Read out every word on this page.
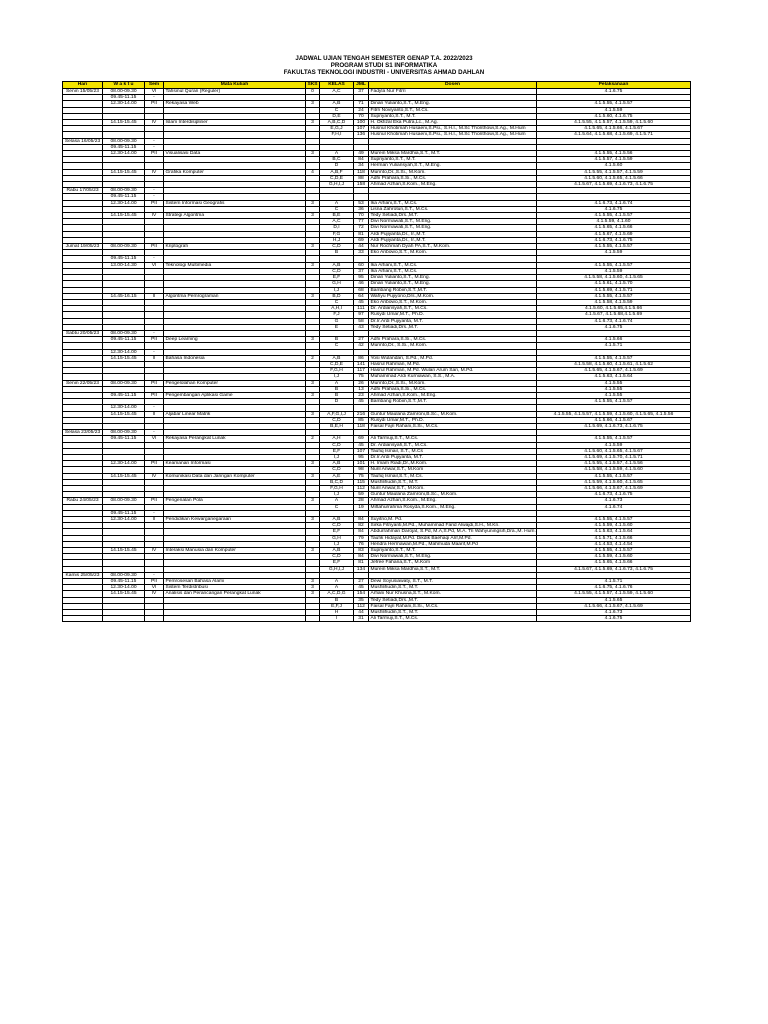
JADWAL UJIAN TENGAH SEMESTER GENAP T.A. 2022/2023
PROGRAM STUDI S1 INFORMATIKA
FAKULTAS TEKNOLOGI INDUSTRI - UNIVERSITAS AHMAD DAHLAN
Hari	W a k t u	Sem	Mata Kuliah	SKS	KELAS	JML	Dosen	Pelaksanaan
Senin 15/05/23	08.00-09.30	VI	Tahsinul Quran (Reguler)	0	A,C	37	Fadyla Nur Fitrri	4.1.6.75
	09.45-11.15	-						
	12.30-14.00	PII	Rekayasa Web	3	A,B	71	Dinan Yulianto,S.T., M.Eng.	4.1.5.55, 4.1.5.57
					C	24	Fitrri Noviyanto,S.T., M.Cs.	4.1.5.59
					D,E	70	Supriyanto,S.T., M.T.	4.1.5.60, 4.1.6.75
	14.15-15.45	IV	Islam Interdisipliner	3	A,B,C,D	100	H. Okfizal Eka Putra,Lc., M.Ag.	4.1.5.55, 4.1.5.57, 4.1.5.59, 4.1.5.60
					E,G,J	107	Husnul Khotimah Husaeni,S.Psi., S.H.I., M.Sc Thonthowi,S.Ag., M.Hum	4.1.5.65, 4.1.5.66, 4.1.5.67
					F,H,I	136	Husnul Khotimah Husaeni,S.Psi., S.H.I., M.Sc Thonthowi,S.Ag., M.Hum	4.1.5.64, 4.1.5.68, 4.1.5.69, 4.1.5.71
Selasa 16/05/23	08.00-09.30	-						
	09.45-11.15	-						
	12.30-14.00	PII	Visualisasi Data	3	A	49	Murein Miksa Mardhia,S.T., M.T.	4.1.5.55, 4.1.5.56
					B,C	84	Supriyanto,S.T., M.T.	4.1.5.57, 4.1.5.59
					D	34	Herman Yuliansyah,S.T., M.Eng.	4.1.5.60
	14.15-15.45	IV	Grafika Komputer	4	A,B,F	118	Murinto,Dr.,S.Si., M.Kom.	4.1.5.55, 4.1.5.57, 4.1.5.59
					C,D,E	88	Adhi Prahara,S.Si., M.Cs.	4.1.5.60, 4.1.5.65, 4.1.5.66
					G,H,I,J	158	Ahmad Azhari,S.Kom., M.Eng.	4.1.5.67, 4.1.5.69, 4.1.6.73, 4.1.6.75
Rabu 17/05/23	08.00-09.30	-						
	09.45-11.15	-						
	12.30-14.00	PII	Sistem Informasi Geografis	3	A	53	Ika Arfiani,S.T., M.Cs.	4.1.6.73, 4.1.6.74
					C	36	Lisna Zahrotun,S.T., M.Cs.	4.1.6.75
	14.15-15.45	IV	Strategi Algoritma	3	B,E	70	Tedy Setiadi,Drs.,M.T.	4.1.5.55, 4.1.5.57
					A,C	77	Dwi Normawati,S.T., M.Eng.	4.1.5.59, 4.1.60
					D,I	72	Dwi Normawati,S.T., M.Eng.	4.1.5.65, 4.1.5.66
					F,G	81	Ardi Pujiyanta,Dr., Ir.,M.T.	4.1.5.67, 4.1.5.69
					H,J	69	Ardi Pujiyanta,Dr., Ir.,M.T.	4.1.6.73, 4.1.6.75
Jumat 19/05/23	08.00-09.30	PII	Kriptografi	3	C,D	44	Nur Rochmah Dyah PA,S.T., M.Kom.	4.1.5.55, 4.1.5.57
					B	33	Eko Aribowo,S.T., M.Kom.	4.1.5.59
	09.45-11.15	-						
	13.00-14.30	VI	Teknologi Multimedia	3	A,B	60	Ika Arfiani,S.T., M.Cs.	4.1.5.55, 4.1.5.57
					C,D	37	Ika Arfiani,S.T., M.Cs.	4.1.5.59
					E,F	95	Dinan Yulianto,S.T., M.Eng.	4.1.5.58, 4.1.5.60, 4.1.5.65
					G,H	46	Dinan Yulianto,S.T., M.Eng.	4.1.5.61, 4.1.5.70
					I,J	68	Bambang Robiin,S.T.,M.T.	4.1.5.69, 4.1.5.71
	14.45-16.15	II	Algoritma Pemrograman	3	B,D	64	Wahyu Pujiyono,Drs.,M.Kom.	4.1.5.55, 4.1.5.57
					C	45	Eko Aribowo,S.T., M.Kom.	4.1.5.58, 4.1.5.59
					A,H,I	111	Dr. Ardiansyah,S.T., M.Cs.	4.1.5.60, 4.1.5.65,4.1.5.66
					F,J	97	Rusydi Umar,M.T., Ph.D.	4.1.5.67, 4.1.5.68,4.1.5.69
					G	58	Dr.Ir.Ardi Pujiyanta, M.T.	4.1.6.73, 4.1.6.74
					E	43	Tedy Setiadi,Drs.,M.T.	4.1.6.75
Sabtu 20/05/23	08.00-09.30	-						
	09.45-11.15	PII	Deep Learning	3	B	27	Adhi Prahara,S.Si., M.Cs.	4.1.5.66
					C	42	Murinto,Dr., S.Si., M.Kom.	4.1.5.71
	12.30-14.00	-						
	14.15-15.45	II	Bahasa Indonesia	2	A,B	86	Yosi Wulandari, S.Pd., M.Pd.	4.1.5.55, 4.1.5.57
					C,D,E	141	Hasrul Rahman, M.Pd.	4.1.5.58, 4.1.5.60, 4.1.5.61, 4.1.5.62
					F,G,H	117	Hasrul Rahman, M.Pd. Wulan Arum Sari, M.Pd.	4.1.5.65, 4.1.5.67, 4.1.5.69
					I,J	75	Muhammad Ardi Kurniawan, S.S., M.A.	4.1.5.63, 4.1.5.64
Senin 22/05/23	08.00-09.30	PII	Pengelolahan Komputer	3	A	26	Murinto,Dr.,S.Si., M.Kom.	4.1.5.55
					B	13	Adhi Prahara,S.Si., M.Cs.	4.1.5.55
	09.45-11.15	PII	Pengembangan Aplikasi Game	3	B	23	Ahmad Azhari,S.Kom., M.Eng.	4.1.5.55
					D	45	Bambang Robiin,S.T.,M.T.	4.1.5.55, 4.1.5.57
	12.30-14.00	-						
	14.15-15.45	II	Aljabar Linear Matrik	3	A,F,G,I,J	216	Guntur Maulana Zamroni,B.Sc., M.Kom.	4.1.5.55, 4.1.5.57, 4.1.5.59, 4.1.5.60, 4.1.5.65, 4.1.5.56
					C,D	85	Rusydi Umar,M.T., Ph.D.	4.1.5.66, 4.1.5.67
					B,E,H	118	Faisal Fajri Rahani,S.Si., M.Cs.	4.1.5.69, 4.1.6.73, 4.1.6.75
Selasa 23/05/23	08.00-09.30	-						
	09.45-11.15	VI	Rekayasa Perangkat Lunak	2	A,H	69	Ali Tarmuji,S.T., M.Cs.	4.1.5.55, 4.1.5.57
					C,D	45	Dr. Ardiansyah,S.T., M.Cs.	4.1.5.59
					E,F	107	Taufiq Ismail, S.T., M.Cs	4.1.5.60, 4.1.5.65, 4.1.5.67
					I,J	95	Dr.Ir.Ardi Pujiyanta, M.T.	4.1.5.69, 4.1.5.70, 4.1.5.71
	12.30-14.00	PII	Keamanan Informasi	3	A,B	101	H. Imam Riadi,Dr.,M.Kom.	4.1.5.55, 4.1.5.57, 4.1.5.56
					C,D	98	Nuril Anwar,S.T., M.Kom	4.1.5.58, 4.1.5.59, 4.1.5.60
	14.15-15.45	IV	Komunikasi Data dan Jaringan Komputer	3	A,E	75	Taufiq Ismail,S.T., M.Cs.	4.1.5.55, 4.1.5.57
					B,C,D	115	Mushlihudin,S.T., M.T.	4.1.5.59, 4.1.5.60, 4.1.5.65
					F,G,H	112	Nuril Anwar,S.T., M.Kom.	4.1.5.66, 4.1.5.67, 4.1.5.69
					I,J	59	Guntur Maulana Zamroni,B.Sc., M.Kom.	4.1.6.73, 4.1.6.75
Rabu 24/05/23	08.00-09.30	PII	Pengenalan Pola	3	A	28	Ahmad Azhari,S.Kom., M.Eng.	4.1.6.73
					C	19	Miftahurrahma Rosyda,S.Kom., M.Eng.	4.1.6.74
	09.45-11.15	-						
	12.30-14.00	II	Pendidikan Kewarganegaraan	3	A,B	84	Suyitno,M. Pd.	4.1.5.55, 4.1.5.57
					C,D	82	Sirka Fitriyanti,M.Pd., Muhammad Farid Alwajdi,S.H., M.Kn.	4.1.5.59, 4.1.5.60
					E,F	84	Abdurrahman Darojat, S.Pd, M.A,S.Pd, M.A. Tri Wahyuningsih,Dra.,M. Hum.	4.1.5.63, 4.1.5.64
					G,H	79	Taufik Hidayat,M.Pd. Dikdik Baehaqi Arif,M.Pd.	4.1.5.71, 4.1.5.66
					I,J	76	Hendra Hermawan,M.Pd., Mahmuda Maarif,M.Pd	4.1.4.53, 4.1.4.54
	14.15-15.45	IV	Interaksi Manusia dan Komputer	3	A,B	83	Supriyanto,S.T., M.T.	4.1.5.55, 4.1.5.57
					C,D	84	Dwi Normawati,S.T., M.Eng.	4.1.5.59, 4.1.5.60
					E,F	81	Jefree Fahana,S.T., M.Kom	4.1.5.65, 4.1.5.66
					G,H,I,J	134	Murein Miksa Mardhia,S.T., M.T.	4.1.5.67, 4.1.5.69, 4.1.6.73, 4.1.6.75
Kamis 25/05/23	08.00-09.30	-						
	09.45-11.15	PII	Pemrosesan Bahasa Alami	3	A	27	Dewi Soyusiawaty, S.T., M.T.	4.1.5.71
	12.30-14.00	VI	Sistem Terdistribusi	3	A	45	Mushlihudin,S.T., M.T.	4.1.6.75, 4.1.6.76
	14.15-15.45	IV	Analisis dan Perancangan Perangkat Lunak	3	A,C,D,G	154	Arfiani Nur Khusna,S.T., M.Kom.	4.1.5.55, 4.1.5.57, 4.1.5.59, 4.1.5.60
					B	35	Tedy Setiadi,Drs.,M.T.	4.1.5.65
					E,F,J	112	Faisal Fajri Rahani,S.Si., M.Cs.	4.1.5.66, 4.1.5.67, 4.1.5.69
					H	44	Mushlihudin,S.T., M.T.	4.1.6.73
					I	31	Ali Tarmuji,S.T., M.Cs.	4.1.6.75
